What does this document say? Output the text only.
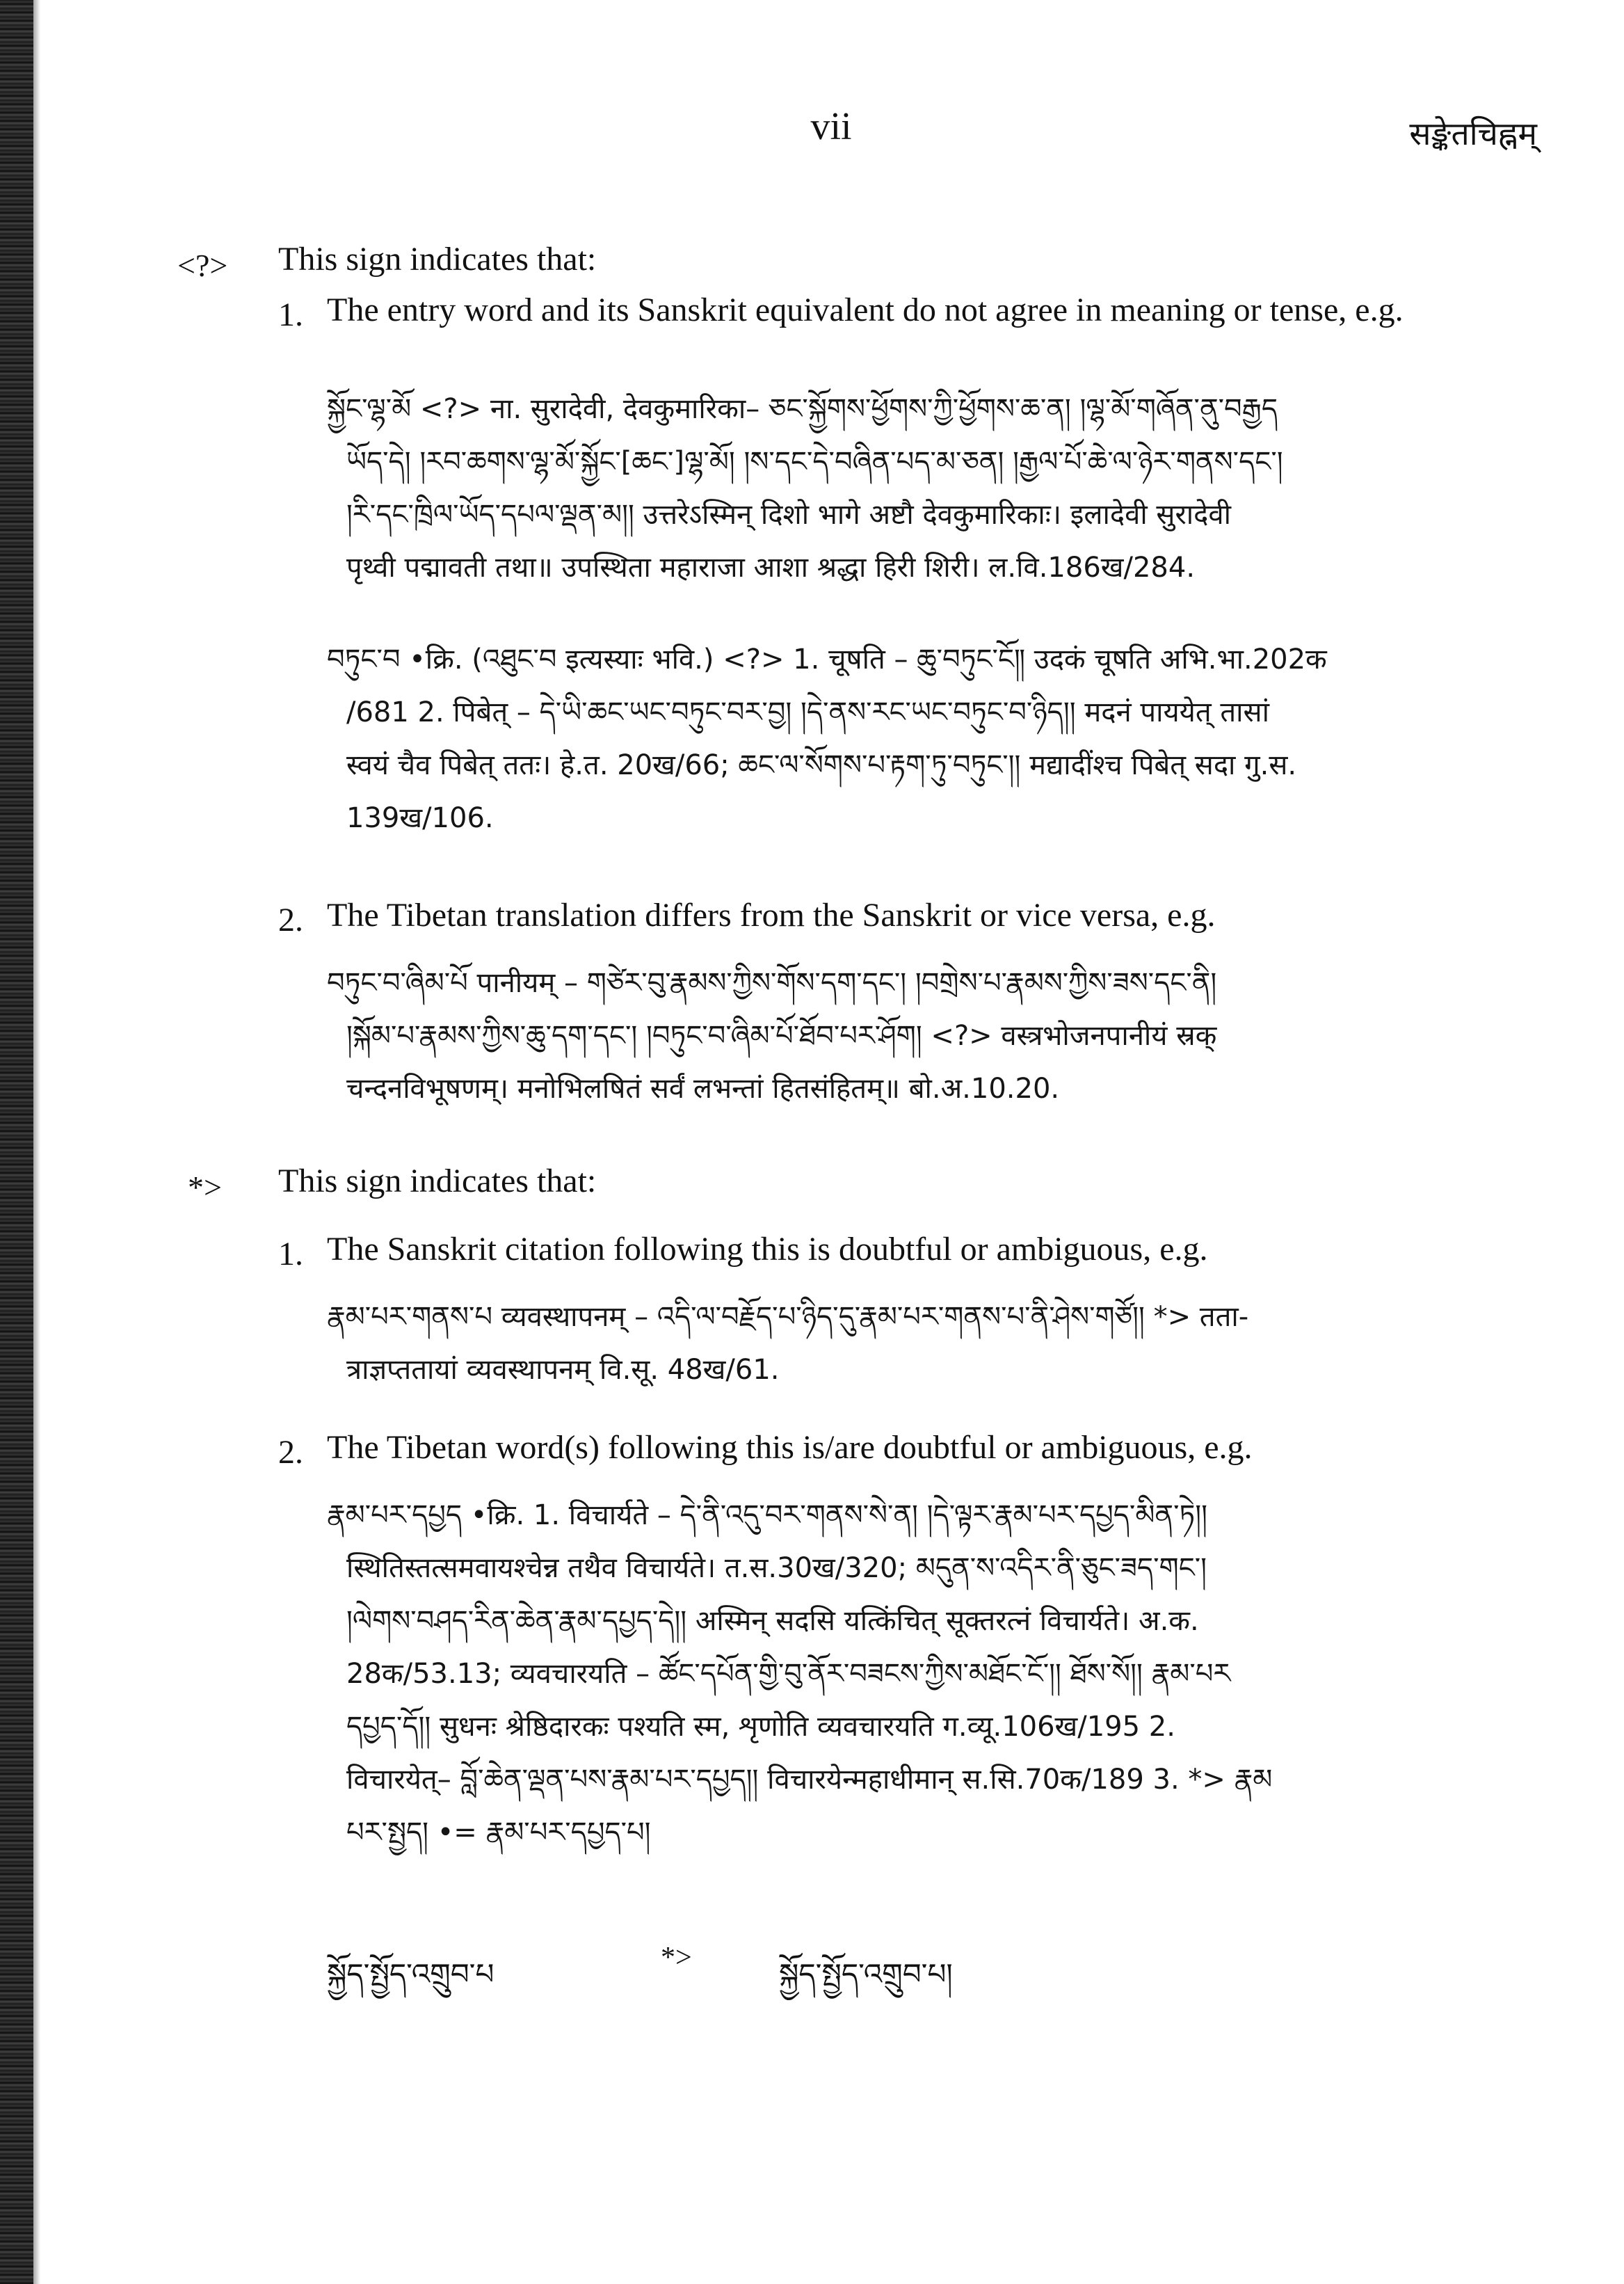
vii	सङ्केतचिह्नम्
<?> This sign indicates that:
1. The entry word and its Sanskrit equivalent do not agree in meaning or tense, e.g.

སྐྱོང་ལྷ་མོ <?> ना. सुरादेवी, देवकुमारिका– ཅང་སྐྱོགས་ཕྱོགས་ཀྱི་ཕྱོགས་ཆ་ན། །ལྷ་མོ་གཞོན་ནུ་བརྒྱད

ཡོད་དེ། །རབ་ཆགས་ལྷ་མོ་སྐྱོང་[ཆང་]ལྷ་མོ། །ས་དང་དེ་བཞིན་པད་མ་ཅན། །རྒྱལ་པོ་ཆེ་ལ་ཉེར་གནས་དང་།

།རི་དང་ཁྲིལ་ཡོད་དཔལ་ལྡན་མ།། उत्तरेऽस्मिन् दिशो भागे अष्टौ देवकुमारिकाः। इलादेवी सुरादेवी

पृथ्वी पद्मावती तथा॥ उपस्थिता महाराजा आशा श्रद्धा हिरी शिरी। ल.वि.186ख/284.

བཏུང་བ •क्रि. (འཐུང་བ इत्यस्याः भवि.) <?> 1. चूषति – ཆུ་བཏུང་ངོ༎ उदकं चूषति अभि.भा.202क

/681 2. पिबेत् – དེ་ཡི་ཆང་ཡང་བཏུང་བར་བྱ། །དེ་ནས་རང་ཡང་བཏུང་བ་ཉིད།། मदनं पाययेत् तासां

स्वयं चैव पिबेत् ततः। हे.त. 20ख/66; ཆང་ལ་སོགས་པ་རྟག་ཏུ་བཏུང་།། मद्यादींश्च पिबेत् सदा गु.स.

139ख/106.

2. The Tibetan translation differs from the Sanskrit or vice versa, e.g.

བཏུང་བ་ཞིམ་པོ पानीयम् – གཙེར་བུ་རྣམས་ཀྱིས་གོས་དག་དང་། །བགྲེས་པ་རྣམས་ཀྱིས་ཟས་དང་ནི།

།སྐོམ་པ་རྣམས་ཀྱིས་ཆུ་དག་དང་། །བཏུང་བ་ཞིམ་པོ་ཐོབ་པར་ཤོག། <?> वस्त्रभोजनपानीयं स्रक्

चन्दनविभूषणम्। मनोभिलषितं सर्वं लभन्तां हितसंहितम्॥ बो.अ.10.20.

*> This sign indicates that:
1. The Sanskrit citation following this is doubtful or ambiguous, e.g.

རྣམ་པར་གནས་པ व्यवस्थापनम् – འདི་ལ་བརྗོད་པ་ཉིད་དུ་རྣམ་པར་གནས་པ་ནི་ཤེས་གཙོ།། *> तता-

त्राज्ञप्ततायां व्यवस्थापनम् वि.सू. 48ख/61.

2. The Tibetan word(s) following this is/are doubtful or ambiguous, e.g.

རྣམ་པར་དཔྱད •क्रि. 1. विचार्यते – དེ་ནི་འདུ་བར་གནས་སེ་ན། །དེ་ལྟར་རྣམ་པར་དཔྱད་མིན་ཏེ།།

स्थितिस्तत्समवायश्चेन्न तथैव विचार्यते। त.स.30ख/320; མདུན་ས་འདིར་ནི་ཅུང་ཟད་གང་།

།ལེགས་བཤད་རིན་ཆེན་རྣམ་དཔྱད་དེ།། अस्मिन् सदसि यत्किंचित् सूक्तरत्नं विचार्यते। अ.क.

28क/53.13; व्यवचारयति – ཚོང་དཔོན་གྱི་བུ་ནོར་བཟངས་ཀྱིས་མཐོང་ངོ་།། ཐོས་སོ།། རྣམ་པར

དཔྱད་དོ།། सुधनः श्रेष्ठिदारकः पश्यति स्म, शृणोति व्यवचारयति ग.व्यू.106ख/195 2.

विचारयेत्– བློ་ཆེན་ལྡན་པས་རྣམ་པར་དཔྱད།། विचारयेन्महाधीमान् स.सि.70क/189 3. *> རྣམ

པར་སྤྱད། •= རྣམ་པར་དཔྱད་པ།

སྐྱོད་སྤྱོད་འགྲུབ་པ	*>	སྐྱོད་སྤྱོད་འགྲུབ་པ།
